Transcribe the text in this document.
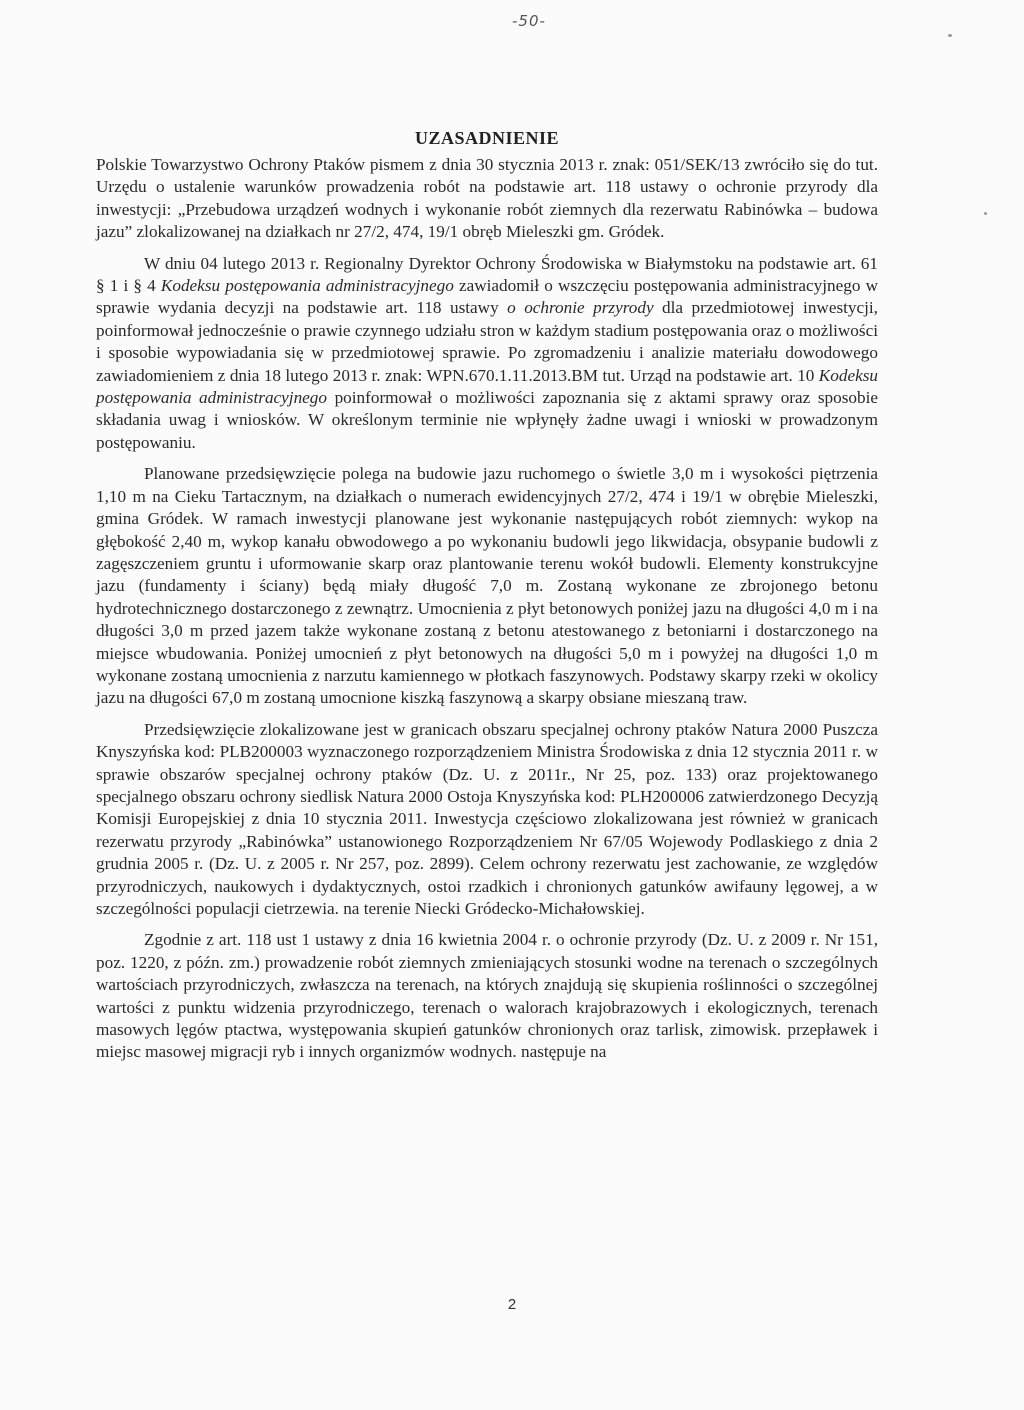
-50-
UZASADNIENIE

Polskie Towarzystwo Ochrony Ptaków pismem z dnia 30 stycznia 2013 r. znak: 051/SEK/13 zwróciło się do tut. Urzędu o ustalenie warunków prowadzenia robót na podstawie art. 118 ustawy o ochronie przyrody dla inwestycji: „Przebudowa urządzeń wodnych i wykonanie robót ziemnych dla rezerwatu Rabinówka – budowa jazu” zlokalizowanej na działkach nr 27/2, 474, 19/1 obręb Mieleszki gm. Gródek.

W dniu 04 lutego 2013 r. Regionalny Dyrektor Ochrony Środowiska w Białymstoku na podstawie art. 61 § 1 i § 4 Kodeksu postępowania administracyjnego zawiadomił o wszczęciu postępowania administracyjnego w sprawie wydania decyzji na podstawie art. 118 ustawy o ochronie przyrody dla przedmiotowej inwestycji, poinformował jednocześnie o prawie czynnego udziału stron w każdym stadium postępowania oraz o możliwości i sposobie wypowiadania się w przedmiotowej sprawie. Po zgromadzeniu i analizie materiału dowodowego zawiadomieniem z dnia 18 lutego 2013 r. znak: WPN.670.1.11.2013.BM tut. Urząd na podstawie art. 10 Kodeksu postępowania administracyjnego poinformował o możliwości zapoznania się z aktami sprawy oraz sposobie składania uwag i wniosków. W określonym terminie nie wpłynęły żadne uwagi i wnioski w prowadzonym postępowaniu.

Planowane przedsięwzięcie polega na budowie jazu ruchomego o świetle 3,0 m i wysokości piętrzenia 1,10 m na Cieku Tartacznym, na działkach o numerach ewidencyjnych 27/2, 474 i 19/1 w obrębie Mieleszki, gmina Gródek. W ramach inwestycji planowane jest wykonanie następujących robót ziemnych: wykop na głębokość 2,40 m, wykop kanału obwodowego a po wykonaniu budowli jego likwidacja, obsypanie budowli z zagęszczeniem gruntu i uformowanie skarp oraz plantowanie terenu wokół budowli. Elementy konstrukcyjne jazu (fundamenty i ściany) będą miały długość 7,0 m. Zostaną wykonane ze zbrojonego betonu hydrotechnicznego dostarczonego z zewnątrz. Umocnienia z płyt betonowych poniżej jazu na długości 4,0 m i na długości 3,0 m przed jazem także wykonane zostaną z betonu atestowanego z betoniarni i dostarczonego na miejsce wbudowania. Poniżej umocnień z płyt betonowych na długości 5,0 m i powyżej na długości 1,0 m wykonane zostaną umocnienia z narzutu kamiennego w płotkach faszynowych. Podstawy skarpy rzeki w okolicy jazu na długości 67,0 m zostaną umocnione kiszką faszynową a skarpy obsiane mieszaną traw.

Przedsięwzięcie zlokalizowane jest w granicach obszaru specjalnej ochrony ptaków Natura 2000 Puszcza Knyszyńska kod: PLB200003 wyznaczonego rozporządzeniem Ministra Środowiska z dnia 12 stycznia 2011 r. w sprawie obszarów specjalnej ochrony ptaków (Dz. U. z 2011r., Nr 25, poz. 133) oraz projektowanego specjalnego obszaru ochrony siedlisk Natura 2000 Ostoja Knyszyńska kod: PLH200006 zatwierdzonego Decyzją Komisji Europejskiej z dnia 10 stycznia 2011. Inwestycja częściowo zlokalizowana jest również w granicach rezerwatu przyrody „Rabinówka” ustanowionego Rozporządzeniem Nr 67/05 Wojewody Podlaskiego z dnia 2 grudnia 2005 r. (Dz. U. z 2005 r. Nr 257, poz. 2899). Celem ochrony rezerwatu jest zachowanie, ze względów przyrodniczych, naukowych i dydaktycznych, ostoi rzadkich i chronionych gatunków awifauny lęgowej, a w szczególności populacji cietrzewia. na terenie Niecki Gródecko-Michałowskiej.

Zgodnie z art. 118 ust 1 ustawy z dnia 16 kwietnia 2004 r. o ochronie przyrody (Dz. U. z 2009 r. Nr 151, poz. 1220, z późn. zm.) prowadzenie robót ziemnych zmieniających stosunki wodne na terenach o szczególnych wartościach przyrodniczych, zwłaszcza na terenach, na których znajdują się skupienia roślinności o szczególnej wartości z punktu widzenia przyrodniczego, terenach o walorach krajobrazowych i ekologicznych, terenach masowych lęgów ptactwa, występowania skupień gatunków chronionych oraz tarlisk, zimowisk. przepławek i miejsc masowej migracji ryb i innych organizmów wodnych. następuje na

2
